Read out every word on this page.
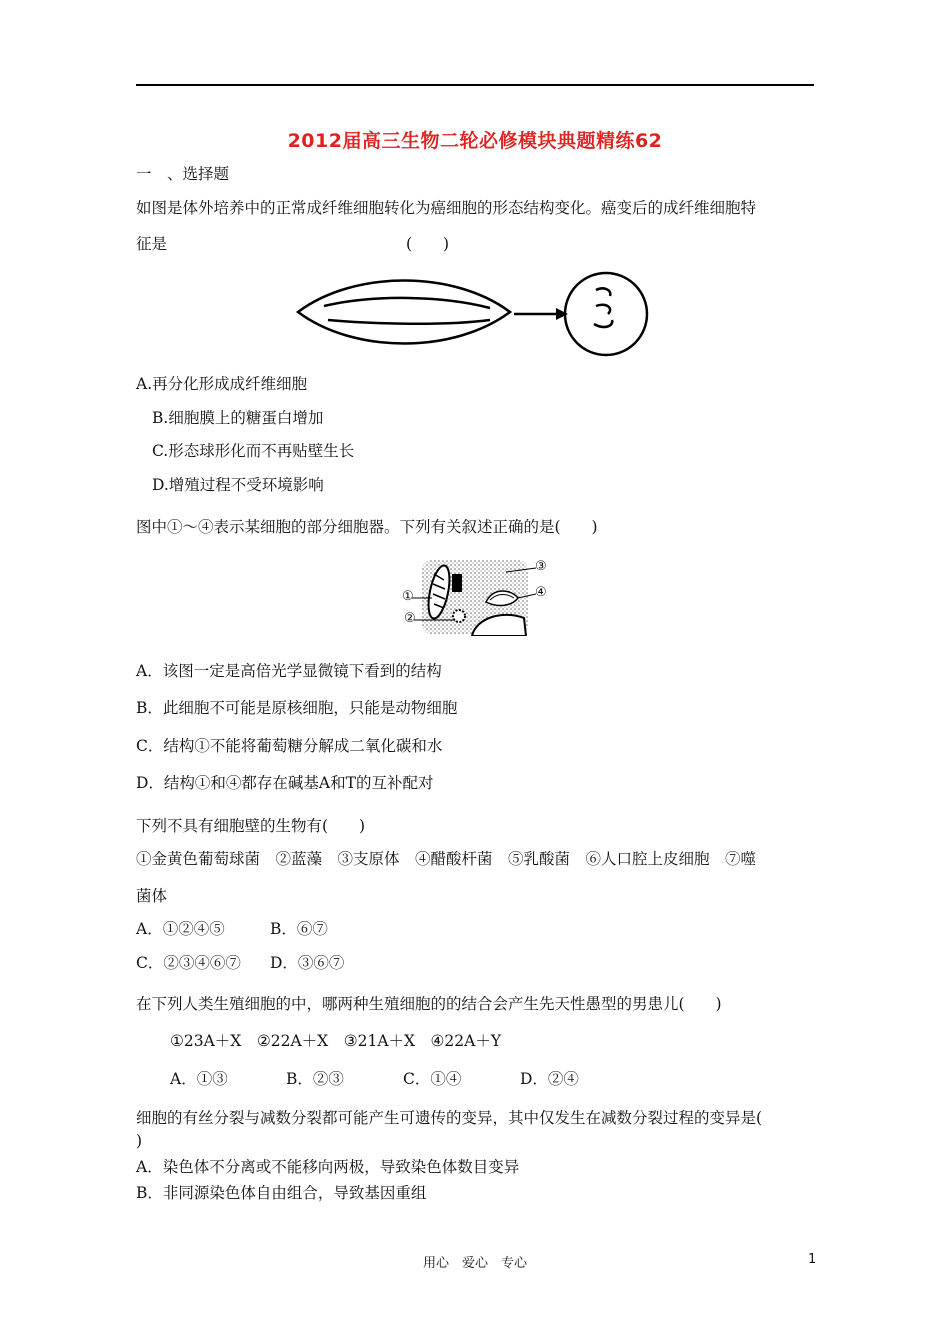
2012届高三生物二轮必修模块典题精练62
一　、选择题
如图是体外培养中的正常成纤维细胞转化为癌细胞的形态结构变化。癌变后的成纤维细胞特
征是	(　　)
A.再分化形成成纤维细胞
B.细胞膜上的糖蛋白增加
C.形态球形化而不再贴壁生长
D.增殖过程不受环境影响
图中①～④表示某细胞的部分细胞器。下列有关叙述正确的是(　　)
①
②
③
④
A．该图一定是高倍光学显微镜下看到的结构
B．此细胞不可能是原核细胞，只能是动物细胞
C．结构①不能将葡萄糖分解成二氧化碳和水
D．结构①和④都存在碱基A和T的互补配对
下列不具有细胞壁的生物有(　　)
①金黄色葡萄球菌　②蓝藻　③支原体　④醋酸杆菌　⑤乳酸菌　⑥人口腔上皮细胞　⑦噬
菌体
A．①②④⑤	B．⑥⑦
C．②③④⑥⑦ D．③⑥⑦
在下列人类生殖细胞的中，哪两种生殖细胞的的结合会产生先天性愚型的男患儿(　　)
①23A＋X　②22A＋X　③21A＋X　④22A＋Y
A．①③	B．②③	C．①④	D．②④
细胞的有丝分裂与减数分裂都可能产生可遗传的变异，其中仅发生在减数分裂过程的变异是(
)
A．染色体不分离或不能移向两极，导致染色体数目变异
B．非同源染色体自由组合，导致基因重组
用心　爱心　专心	1
